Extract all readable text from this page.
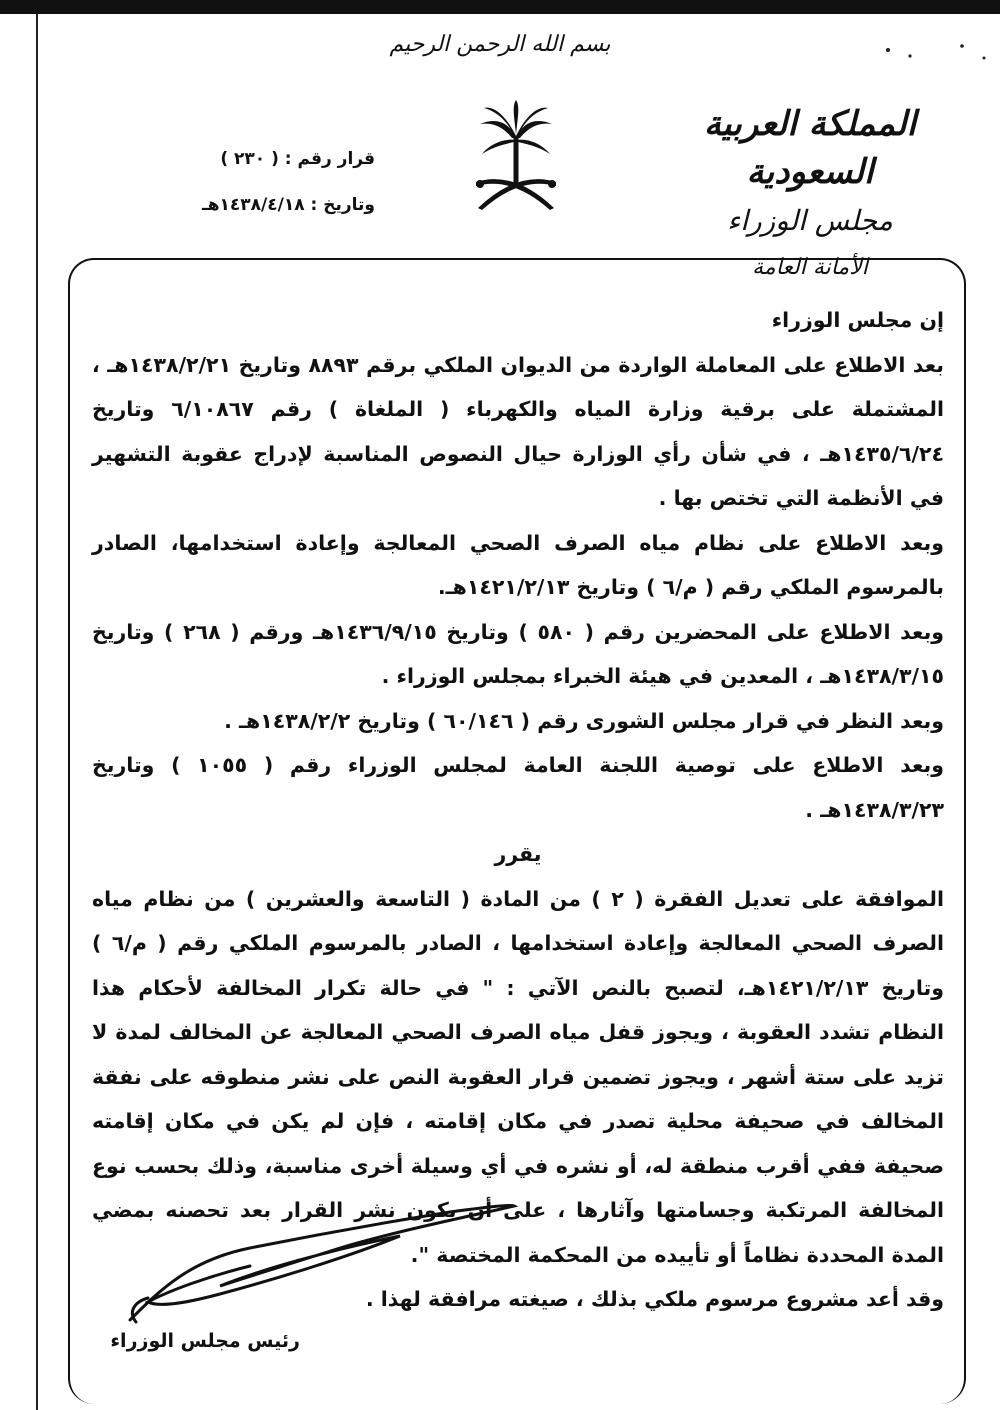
بسم الله الرحمن الرحيم
المملكة العربية السعودية
مجلس الوزراء
الأمانة العامة
قرار رقم : ( ٢٣٠ )
وتاريخ : ١٤٣٨/٤/١٨هـ

إن مجلس الوزراء

بعد الاطلاع على المعاملة الواردة من الديوان الملكي برقم ٨٨٩٣ وتاريخ ١٤٣٨/٢/٢١هـ ، المشتملة على برقية وزارة المياه والكهرباء ( الملغاة ) رقم ٦/١٠٨٦٧ وتاريخ ١٤٣٥/٦/٢٤هـ ، في شأن رأي الوزارة حيال النصوص المناسبة لإدراج عقوبة التشهير في الأنظمة التي تختص بها .

وبعد الاطلاع على نظام مياه الصرف الصحي المعالجة وإعادة استخدامها، الصادر بالمرسوم الملكي رقم ( م/٦ ) وتاريخ ١٤٢١/٢/١٣هـ.

وبعد الاطلاع على المحضرين رقم ( ٥٨٠ ) وتاريخ ١٤٣٦/٩/١٥هـ ورقم ( ٢٦٨ ) وتاريخ ١٤٣٨/٣/١٥هـ ، المعدين في هيئة الخبراء بمجلس الوزراء .

وبعد النظر في قرار مجلس الشورى رقم ( ٦٠/١٤٦ ) وتاريخ ١٤٣٨/٢/٢هـ .

وبعد الاطلاع على توصية اللجنة العامة لمجلس الوزراء رقم ( ١٠٥٥ ) وتاريخ ١٤٣٨/٣/٢٣هـ .

يقرر

الموافقة على تعديل الفقرة ( ٢ ) من المادة ( التاسعة والعشرين ) من نظام مياه الصرف الصحي المعالجة وإعادة استخدامها ، الصادر بالمرسوم الملكي رقم ( م/٦ ) وتاريخ ١٤٢١/٢/١٣هـ، لتصبح بالنص الآتي : " في حالة تكرار المخالفة لأحكام هذا النظام تشدد العقوبة ، ويجوز قفل مياه الصرف الصحي المعالجة عن المخالف لمدة لا تزيد على ستة أشهر ، ويجوز تضمين قرار العقوبة النص على نشر منطوقه على نفقة المخالف في صحيفة محلية تصدر في مكان إقامته ، فإن لم يكن في مكان إقامته صحيفة ففي أقرب منطقة له، أو نشره في أي وسيلة أخرى مناسبة، وذلك بحسب نوع المخالفة المرتكبة وجسامتها وآثارها ، على أن يكون نشر القرار بعد تحصنه بمضي المدة المحددة نظاماً أو تأييده من المحكمة المختصة ".

وقد أعد مشروع مرسوم ملكي بذلك ، صيغته مرافقة لهذا .

رئيس مجلس الوزراء
